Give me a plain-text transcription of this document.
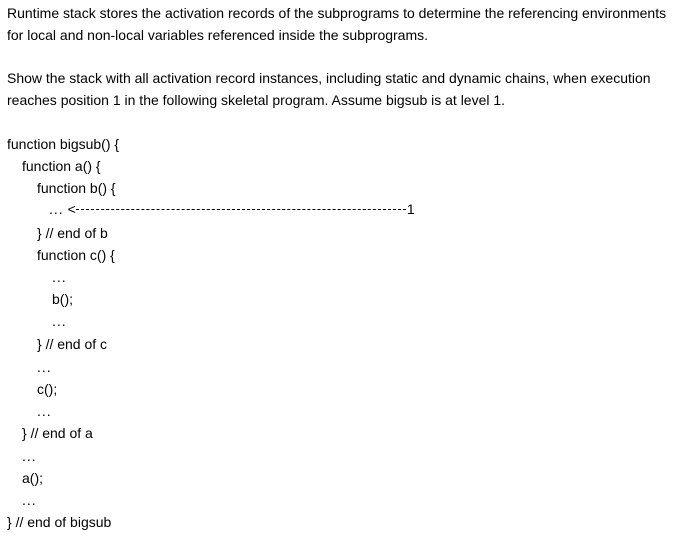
Runtime stack stores the activation records of the subprograms to determine the referencing environments for local and non-local variables referenced inside the subprograms.

Show the stack with all activation record instances, including static and dynamic chains, when execution reaches position 1 in the following skeletal program. Assume bigsub is at level 1.

function bigsub() {
function a() {
function b() {
... <	1
} // end of b
function c() {
...
b();
...
} // end of c
...
c();
...
} // end of a
...
a();
...
} // end of bigsub
